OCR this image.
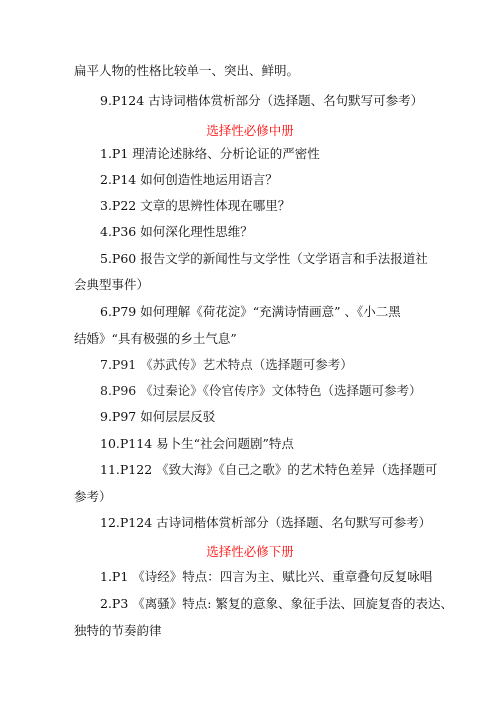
扁平人物的性格比较单一、突出、鲜明。
9.P124 古诗词楷体赏析部分（选择题、名句默写可参考）
选择性必修中册
1.P1 理清论述脉络、分析论证的严密性
2.P14 如何创造性地运用语言？
3.P22 文章的思辨性体现在哪里？
4.P36 如何深化理性思维？
5.P60 报告文学的新闻性与文学性（文学语言和手法报道社
会典型事件）
6.P79 如何理解《荷花淀》“充满诗情画意” 、《小二黑
结婚》“具有极强的乡土气息”
7.P91 《苏武传》艺术特点（选择题可参考）
8.P96 《过秦论》《伶官传序》文体特色（选择题可参考）
9.P97 如何层层反驳
10.P114 易卜生“社会问题剧”特点
11.P122 《致大海》《自己之歌》的艺术特色差异（选择题可
参考）
12.P124 古诗词楷体赏析部分（选择题、名句默写可参考）
选择性必修下册
1.P1 《诗经》特点：四言为主、赋比兴、重章叠句反复咏唱
2.P3 《离骚》特点: 繁复的意象、象征手法、回旋复沓的表达、
独特的节奏韵律
